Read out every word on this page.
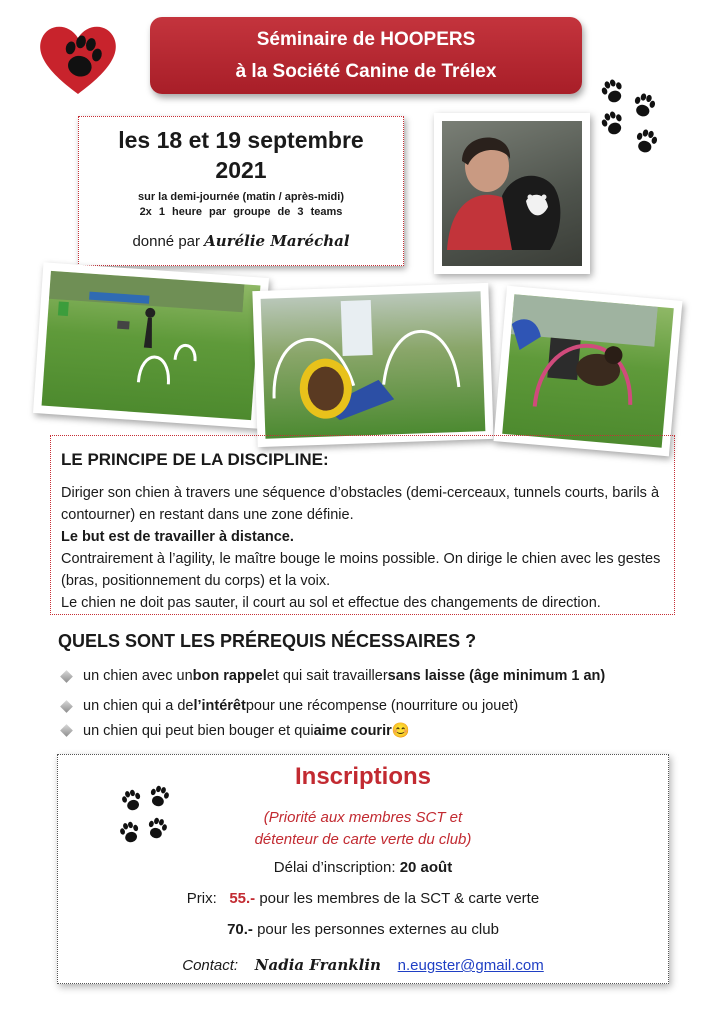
Séminaire de HOOPERS
à la Société Canine de Trélex
les 18 et 19 septembre
2021
sur la demi-journée (matin / après-midi)
2x 1 heure par groupe de 3 teams
donné par Aurélie Maréchal
LE PRINCIPE DE LA DISCIPLINE:
Diriger son chien à travers une séquence d’obstacles (demi-cerceaux, tunnels courts, barils à contourner) en restant dans une zone définie.
Le but est de travailler à distance.
Contrairement à l’agility, le maître bouge le moins possible. On dirige le chien avec les gestes (bras, positionnement du corps) et la voix.
Le chien ne doit pas sauter, il court au sol et effectue des changements de direction.
QUELS SONT LES PRÉREQUIS NÉCESSAIRES ?
un chien avec un bon rappel et qui sait travailler sans laisse (âge minimum 1 an)
un chien qui a de l’intérêt pour une récompense (nourriture ou jouet)
un chien qui peut bien bouger et qui aime courir 😊
Inscriptions
(Priorité aux membres SCT et
détenteur de carte verte du club)
Délai d’inscription: 20 août
Prix: 55.- pour les membres de la SCT & carte verte
70.- pour les personnes externes au club
Contact: Nadia Franklin n.eugster@gmail.com
